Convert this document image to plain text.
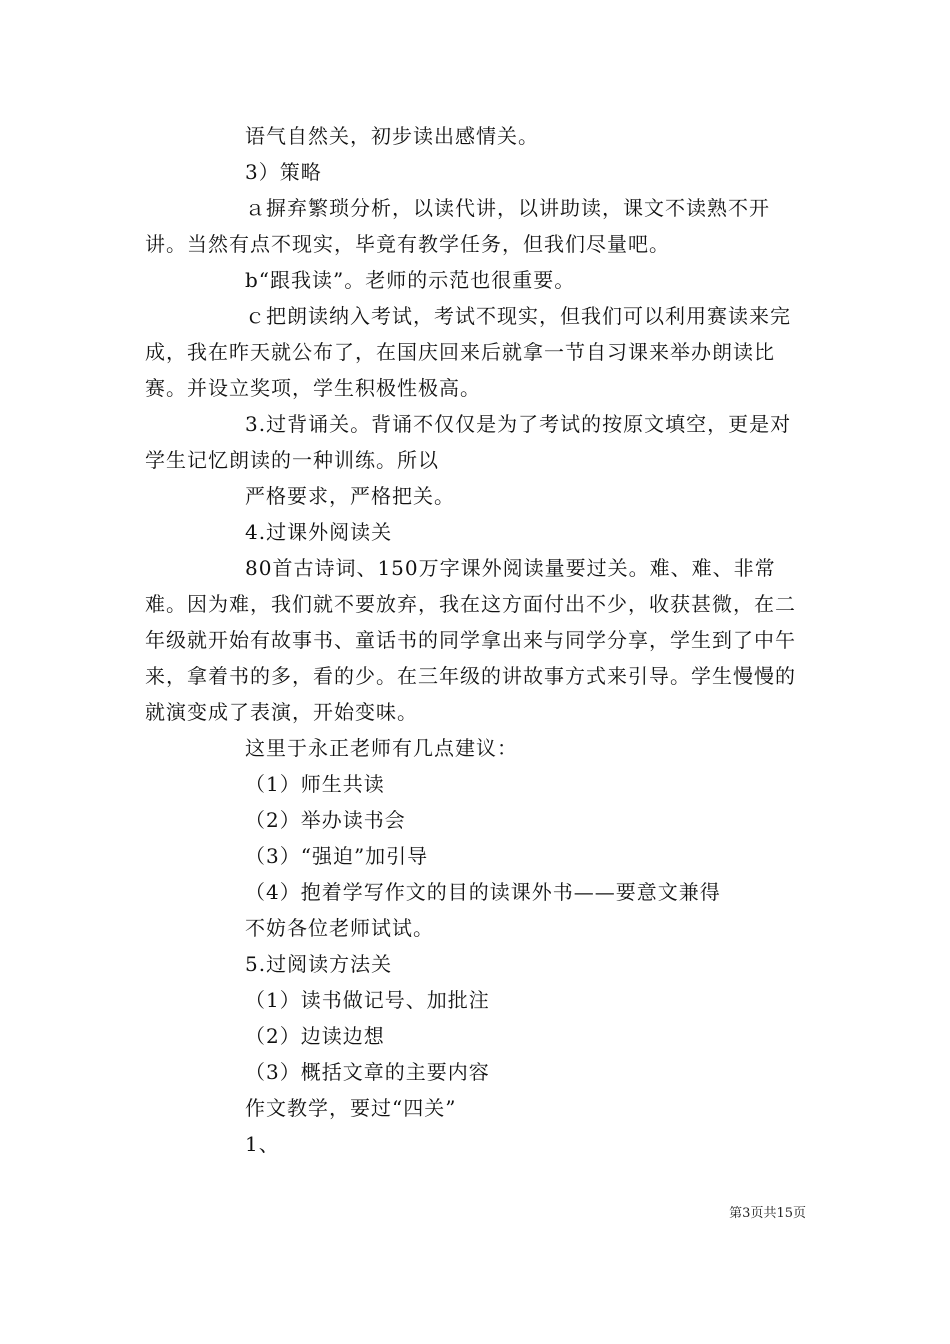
语气自然关，初步读出感情关。

3）策略

ａ摒弃繁琐分析，以读代讲，以讲助读，课文不读熟不开讲。当然有点不现实，毕竟有教学任务，但我们尽量吧。

b“跟我读”。老师的示范也很重要。

ｃ把朗读纳入考试，考试不现实，但我们可以利用赛读来完成，我在昨天就公布了，在国庆回来后就拿一节自习课来举办朗读比赛。并设立奖项，学生积极性极高。

3.过背诵关。背诵不仅仅是为了考试的按原文填空，更是对学生记忆朗读的一种训练。所以

严格要求，严格把关。

4.过课外阅读关

80首古诗词、150万字课外阅读量要过关。难、难、非常难。因为难，我们就不要放弃，我在这方面付出不少，收获甚微，在二年级就开始有故事书、童话书的同学拿出来与同学分享，学生到了中午来，拿着书的多，看的少。在三年级的讲故事方式来引导。学生慢慢的就演变成了表演，开始变味。

这里于永正老师有几点建议：

（1）师生共读

（2）举办读书会

（3）“强迫”加引导

（4）抱着学写作文的目的读课外书——要意文兼得

不妨各位老师试试。

5.过阅读方法关

（1）读书做记号、加批注

（2）边读边想

（3）概括文章的主要内容

作文教学，要过“四关”

1、

第3页共15页
